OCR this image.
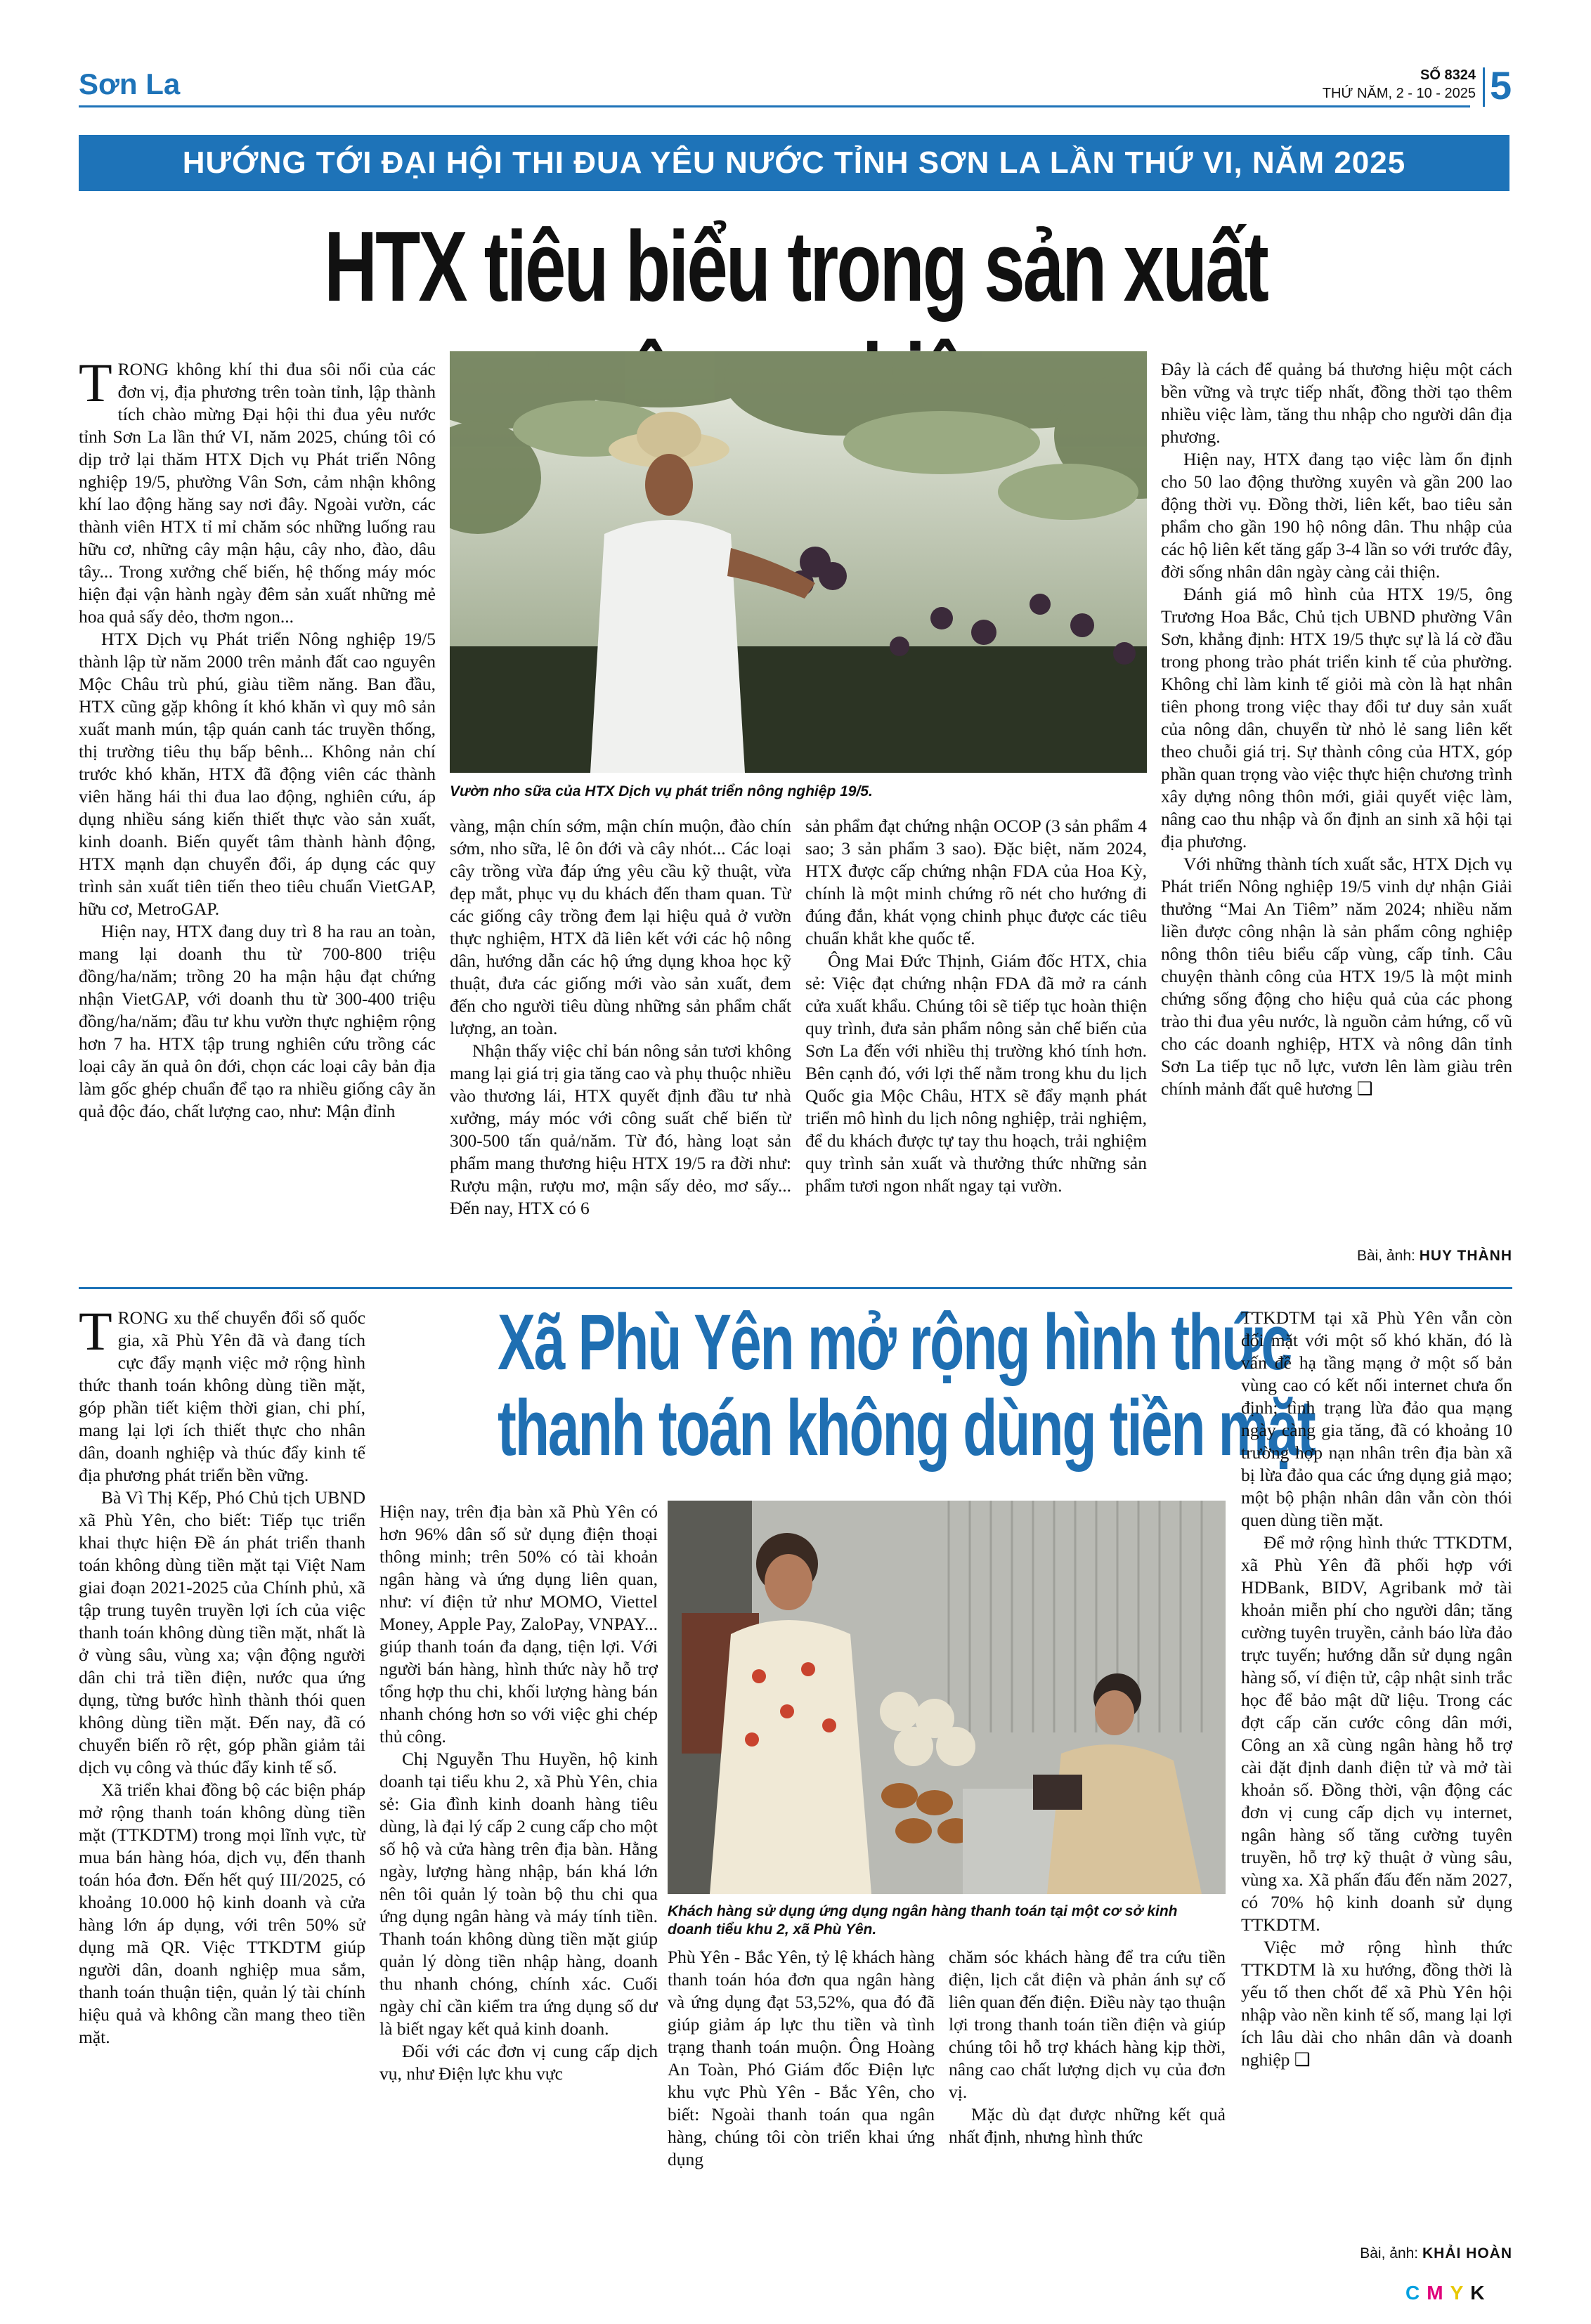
Sơn La	SỐ 8324
THỨ NĂM, 2 - 10 - 2025 5
HƯỚNG TỚI ĐẠI HỘI THI ĐUA YÊU NƯỚC TỈNH SƠN LA LẦN THỨ VI, NĂM 2025
HTX tiêu biểu trong sản xuất
Vườn nho sữa của HTX Dịch vụ phát triển nông nghiệp 19/5.

TRONG không khí thi đua sôi nổi của các đơn vị, địa phương trên toàn tỉnh, lập thành tích chào mừng Đại hội thi đua yêu nước tỉnh Sơn La lần thứ VI, năm 2025, chúng tôi có dịp trở lại thăm HTX Dịch vụ Phát triển Nông nghiệp 19/5, phường Vân Sơn, cảm nhận không khí lao động hăng say nơi đây. Ngoài vườn, các thành viên HTX tỉ mỉ chăm sóc những luống rau hữu cơ, những cây mận hậu, cây nho, đào, dâu tây... Trong xưởng chế biến, hệ thống máy móc hiện đại vận hành ngày đêm sản xuất những mẻ hoa quả sấy dẻo, thơm ngon...

HTX Dịch vụ Phát triển Nông nghiệp 19/5 thành lập từ năm 2000 trên mảnh đất cao nguyên Mộc Châu trù phú, giàu tiềm năng. Ban đầu, HTX cũng gặp không ít khó khăn vì quy mô sản xuất manh mún, tập quán canh tác truyền thống, thị trường tiêu thụ bấp bênh... Không nản chí trước khó khăn, HTX đã động viên các thành viên hăng hái thi đua lao động, nghiên cứu, áp dụng nhiều sáng kiến thiết thực vào sản xuất, kinh doanh. Biến quyết tâm thành hành động, HTX mạnh dạn chuyển đổi, áp dụng các quy trình sản xuất tiên tiến theo tiêu chuẩn VietGAP, hữu cơ, MetroGAP.

Hiện nay, HTX đang duy trì 8 ha rau an toàn, mang lại doanh thu từ 700-800 triệu đồng/ha/năm; trồng 20 ha mận hậu đạt chứng nhận VietGAP, với doanh thu từ 300-400 triệu đồng/ha/năm; đầu tư khu vườn thực nghiệm rộng hơn 7 ha. HTX tập trung nghiên cứu trồng các loại cây ăn quả ôn đới, chọn các loại cây bản địa làm gốc ghép chuẩn để tạo ra nhiều giống cây ăn quả độc đáo, chất lượng cao, như: Mận đỉnh

vàng, mận chín sớm, mận chín muộn, đào chín sớm, nho sữa, lê ôn đới và cây nhót... Các loại cây trồng vừa đáp ứng yêu cầu kỹ thuật, vừa đẹp mắt, phục vụ du khách đến tham quan. Từ các giống cây trồng đem lại hiệu quả ở vườn thực nghiệm, HTX đã liên kết với các hộ nông dân, hướng dẫn các hộ ứng dụng khoa học kỹ thuật, đưa các giống mới vào sản xuất, đem đến cho người tiêu dùng những sản phẩm chất lượng, an toàn.

Nhận thấy việc chỉ bán nông sản tươi không mang lại giá trị gia tăng cao và phụ thuộc nhiều vào thương lái, HTX quyết định đầu tư nhà xưởng, máy móc với công suất chế biến từ 300-500 tấn quả/năm. Từ đó, hàng loạt sản phẩm mang thương hiệu HTX 19/5 ra đời như: Rượu mận, rượu mơ, mận sấy dẻo, mơ sấy... Đến nay, HTX có 6

sản phẩm đạt chứng nhận OCOP (3 sản phẩm 4 sao; 3 sản phẩm 3 sao). Đặc biệt, năm 2024, HTX được cấp chứng nhận FDA của Hoa Kỳ, chính là một minh chứng rõ nét cho hướng đi đúng đắn, khát vọng chinh phục được các tiêu chuẩn khắt khe quốc tế.

Ông Mai Đức Thịnh, Giám đốc HTX, chia sẻ: Việc đạt chứng nhận FDA đã mở ra cánh cửa xuất khẩu. Chúng tôi sẽ tiếp tục hoàn thiện quy trình, đưa sản phẩm nông sản chế biến của Sơn La đến với nhiều thị trường khó tính hơn. Bên cạnh đó, với lợi thế nằm trong khu du lịch Quốc gia Mộc Châu, HTX sẽ đẩy mạnh phát triển mô hình du lịch nông nghiệp, trải nghiệm, để du khách được tự tay thu hoạch, trải nghiệm quy trình sản xuất và thưởng thức những sản phẩm tươi ngon nhất ngay tại vườn.

Đây là cách để quảng bá thương hiệu một cách bền vững và trực tiếp nhất, đồng thời tạo thêm nhiều việc làm, tăng thu nhập cho người dân địa phương.

Hiện nay, HTX đang tạo việc làm ổn định cho 50 lao động thường xuyên và gần 200 lao động thời vụ. Đồng thời, liên kết, bao tiêu sản phẩm cho gần 190 hộ nông dân. Thu nhập của các hộ liên kết tăng gấp 3-4 lần so với trước đây, đời sống nhân dân ngày càng cải thiện.

Đánh giá mô hình của HTX 19/5, ông Trương Hoa Bắc, Chủ tịch UBND phường Vân Sơn, khẳng định: HTX 19/5 thực sự là lá cờ đầu trong phong trào phát triển kinh tế của phường. Không chỉ làm kinh tế giỏi mà còn là hạt nhân tiên phong trong việc thay đổi tư duy sản xuất của nông dân, chuyển từ nhỏ lẻ sang liên kết theo chuỗi giá trị. Sự thành công của HTX, góp phần quan trọng vào việc thực hiện chương trình xây dựng nông thôn mới, giải quyết việc làm, nâng cao thu nhập và ổn định an sinh xã hội tại địa phương.

Với những thành tích xuất sắc, HTX Dịch vụ Phát triển Nông nghiệp 19/5 vinh dự nhận Giải thưởng “Mai An Tiêm” năm 2024; nhiều năm liền được công nhận là sản phẩm công nghiệp nông thôn tiêu biểu cấp vùng, cấp tỉnh. Câu chuyện thành công của HTX 19/5 là một minh chứng sống động cho hiệu quả của các phong trào thi đua yêu nước, là nguồn cảm hứng, cổ vũ cho các doanh nghiệp, HTX và nông dân tỉnh Sơn La tiếp tục nỗ lực, vươn lên làm giàu trên chính mảnh đất quê hương ❑

Bài, ảnh: HUY THÀNH

TRONG xu thế chuyển đổi số quốc gia, xã Phù Yên đã và đang tích cực đẩy mạnh việc mở rộng hình thức thanh toán không dùng tiền mặt, góp phần tiết kiệm thời gian, chi phí, mang lại lợi ích thiết thực cho nhân dân, doanh nghiệp và thúc đẩy kinh tế địa phương phát triển bền vững.

Bà Vì Thị Kếp, Phó Chủ tịch UBND xã Phù Yên, cho biết: Tiếp tục triển khai thực hiện Đề án phát triển thanh toán không dùng tiền mặt tại Việt Nam giai đoạn 2021-2025 của Chính phủ, xã tập trung tuyên truyền lợi ích của việc thanh toán không dùng tiền mặt, nhất là ở vùng sâu, vùng xa; vận động người dân chi trả tiền điện, nước qua ứng dụng, từng bước hình thành thói quen không dùng tiền mặt. Đến nay, đã có chuyển biến rõ rệt, góp phần giảm tải dịch vụ công và thúc đẩy kinh tế số.

Xã triển khai đồng bộ các biện pháp mở rộng thanh toán không dùng tiền mặt (TTKDTM) trong mọi lĩnh vực, từ mua bán hàng hóa, dịch vụ, đến thanh toán hóa đơn. Đến hết quý III/2025, có khoảng 10.000 hộ kinh doanh và cửa hàng lớn áp dụng, với trên 50% sử dụng mã QR. Việc TTKDTM giúp người dân, doanh nghiệp mua sắm, thanh toán thuận tiện, quản lý tài chính hiệu quả và không cần mang theo tiền mặt.

Xã Phù Yên mở rộng hình thức
thanh toán không dùng tiền mặt

Hiện nay, trên địa bàn xã Phù Yên có hơn 96% dân số sử dụng điện thoại thông minh; trên 50% có tài khoản ngân hàng và ứng dụng liên quan, như: ví điện tử như MOMO, Viettel Money, Apple Pay, ZaloPay, VNPAY... giúp thanh toán đa dạng, tiện lợi. Với người bán hàng, hình thức này hỗ trợ tổng hợp thu chi, khối lượng hàng bán nhanh chóng hơn so với việc ghi chép thủ công.

Chị Nguyễn Thu Huyền, hộ kinh doanh tại tiểu khu 2, xã Phù Yên, chia sẻ: Gia đình kinh doanh hàng tiêu dùng, là đại lý cấp 2 cung cấp cho một số hộ và cửa hàng trên địa bàn. Hằng ngày, lượng hàng nhập, bán khá lớn nên tôi quản lý toàn bộ thu chi qua ứng dụng ngân hàng và máy tính tiền. Thanh toán không dùng tiền mặt giúp quản lý dòng tiền nhập hàng, doanh thu nhanh chóng, chính xác. Cuối ngày chỉ cần kiểm tra ứng dụng số dư là biết ngay kết quả kinh doanh.

Đối với các đơn vị cung cấp dịch vụ, như Điện lực khu vực

Khách hàng sử dụng ứng dụng ngân hàng thanh toán tại một cơ sở kinh doanh tiểu khu 2, xã Phù Yên.

Phù Yên - Bắc Yên, tỷ lệ khách hàng thanh toán hóa đơn qua ngân hàng và ứng dụng đạt 53,52%, qua đó đã giúp giảm áp lực thu tiền và tình trạng thanh toán muộn. Ông Hoàng An Toàn, Phó Giám đốc Điện lực khu vực Phù Yên - Bắc Yên, cho biết: Ngoài thanh toán qua ngân hàng, chúng tôi còn triển khai ứng dụng

chăm sóc khách hàng để tra cứu tiền điện, lịch cắt điện và phản ánh sự cố liên quan đến điện. Điều này tạo thuận lợi trong thanh toán tiền điện và giúp chúng tôi hỗ trợ khách hàng kịp thời, nâng cao chất lượng dịch vụ của đơn vị.

Mặc dù đạt được những kết quả nhất định, nhưng hình thức

TTKDTM tại xã Phù Yên vẫn còn đối mặt với một số khó khăn, đó là vấn đề hạ tầng mạng ở một số bản vùng cao có kết nối internet chưa ổn định; tình trạng lừa đảo qua mạng ngày càng gia tăng, đã có khoảng 10 trường hợp nạn nhân trên địa bàn xã bị lừa đảo qua các ứng dụng giả mạo; một bộ phận nhân dân vẫn còn thói quen dùng tiền mặt.

Để mở rộng hình thức TTKDTM, xã Phù Yên đã phối hợp với HDBank, BIDV, Agribank mở tài khoản miễn phí cho người dân; tăng cường tuyên truyền, cảnh báo lừa đảo trực tuyến; hướng dẫn sử dụng ngân hàng số, ví điện tử, cập nhật sinh trắc học để bảo mật dữ liệu. Trong các đợt cấp căn cước công dân mới, Công an xã cùng ngân hàng hỗ trợ cài đặt định danh điện tử và mở tài khoản số. Đồng thời, vận động các đơn vị cung cấp dịch vụ internet, ngân hàng số tăng cường tuyên truyền, hỗ trợ kỹ thuật ở vùng sâu, vùng xa. Xã phấn đấu đến năm 2027, có 70% hộ kinh doanh sử dụng TTKDTM.

Việc mở rộng hình thức TTKDTM là xu hướng, đồng thời là yếu tố then chốt để xã Phù Yên hội nhập vào nền kinh tế số, mang lại lợi ích lâu dài cho nhân dân và doanh nghiệp ❑

Bài, ảnh: KHẢI HOÀN
CMYK
